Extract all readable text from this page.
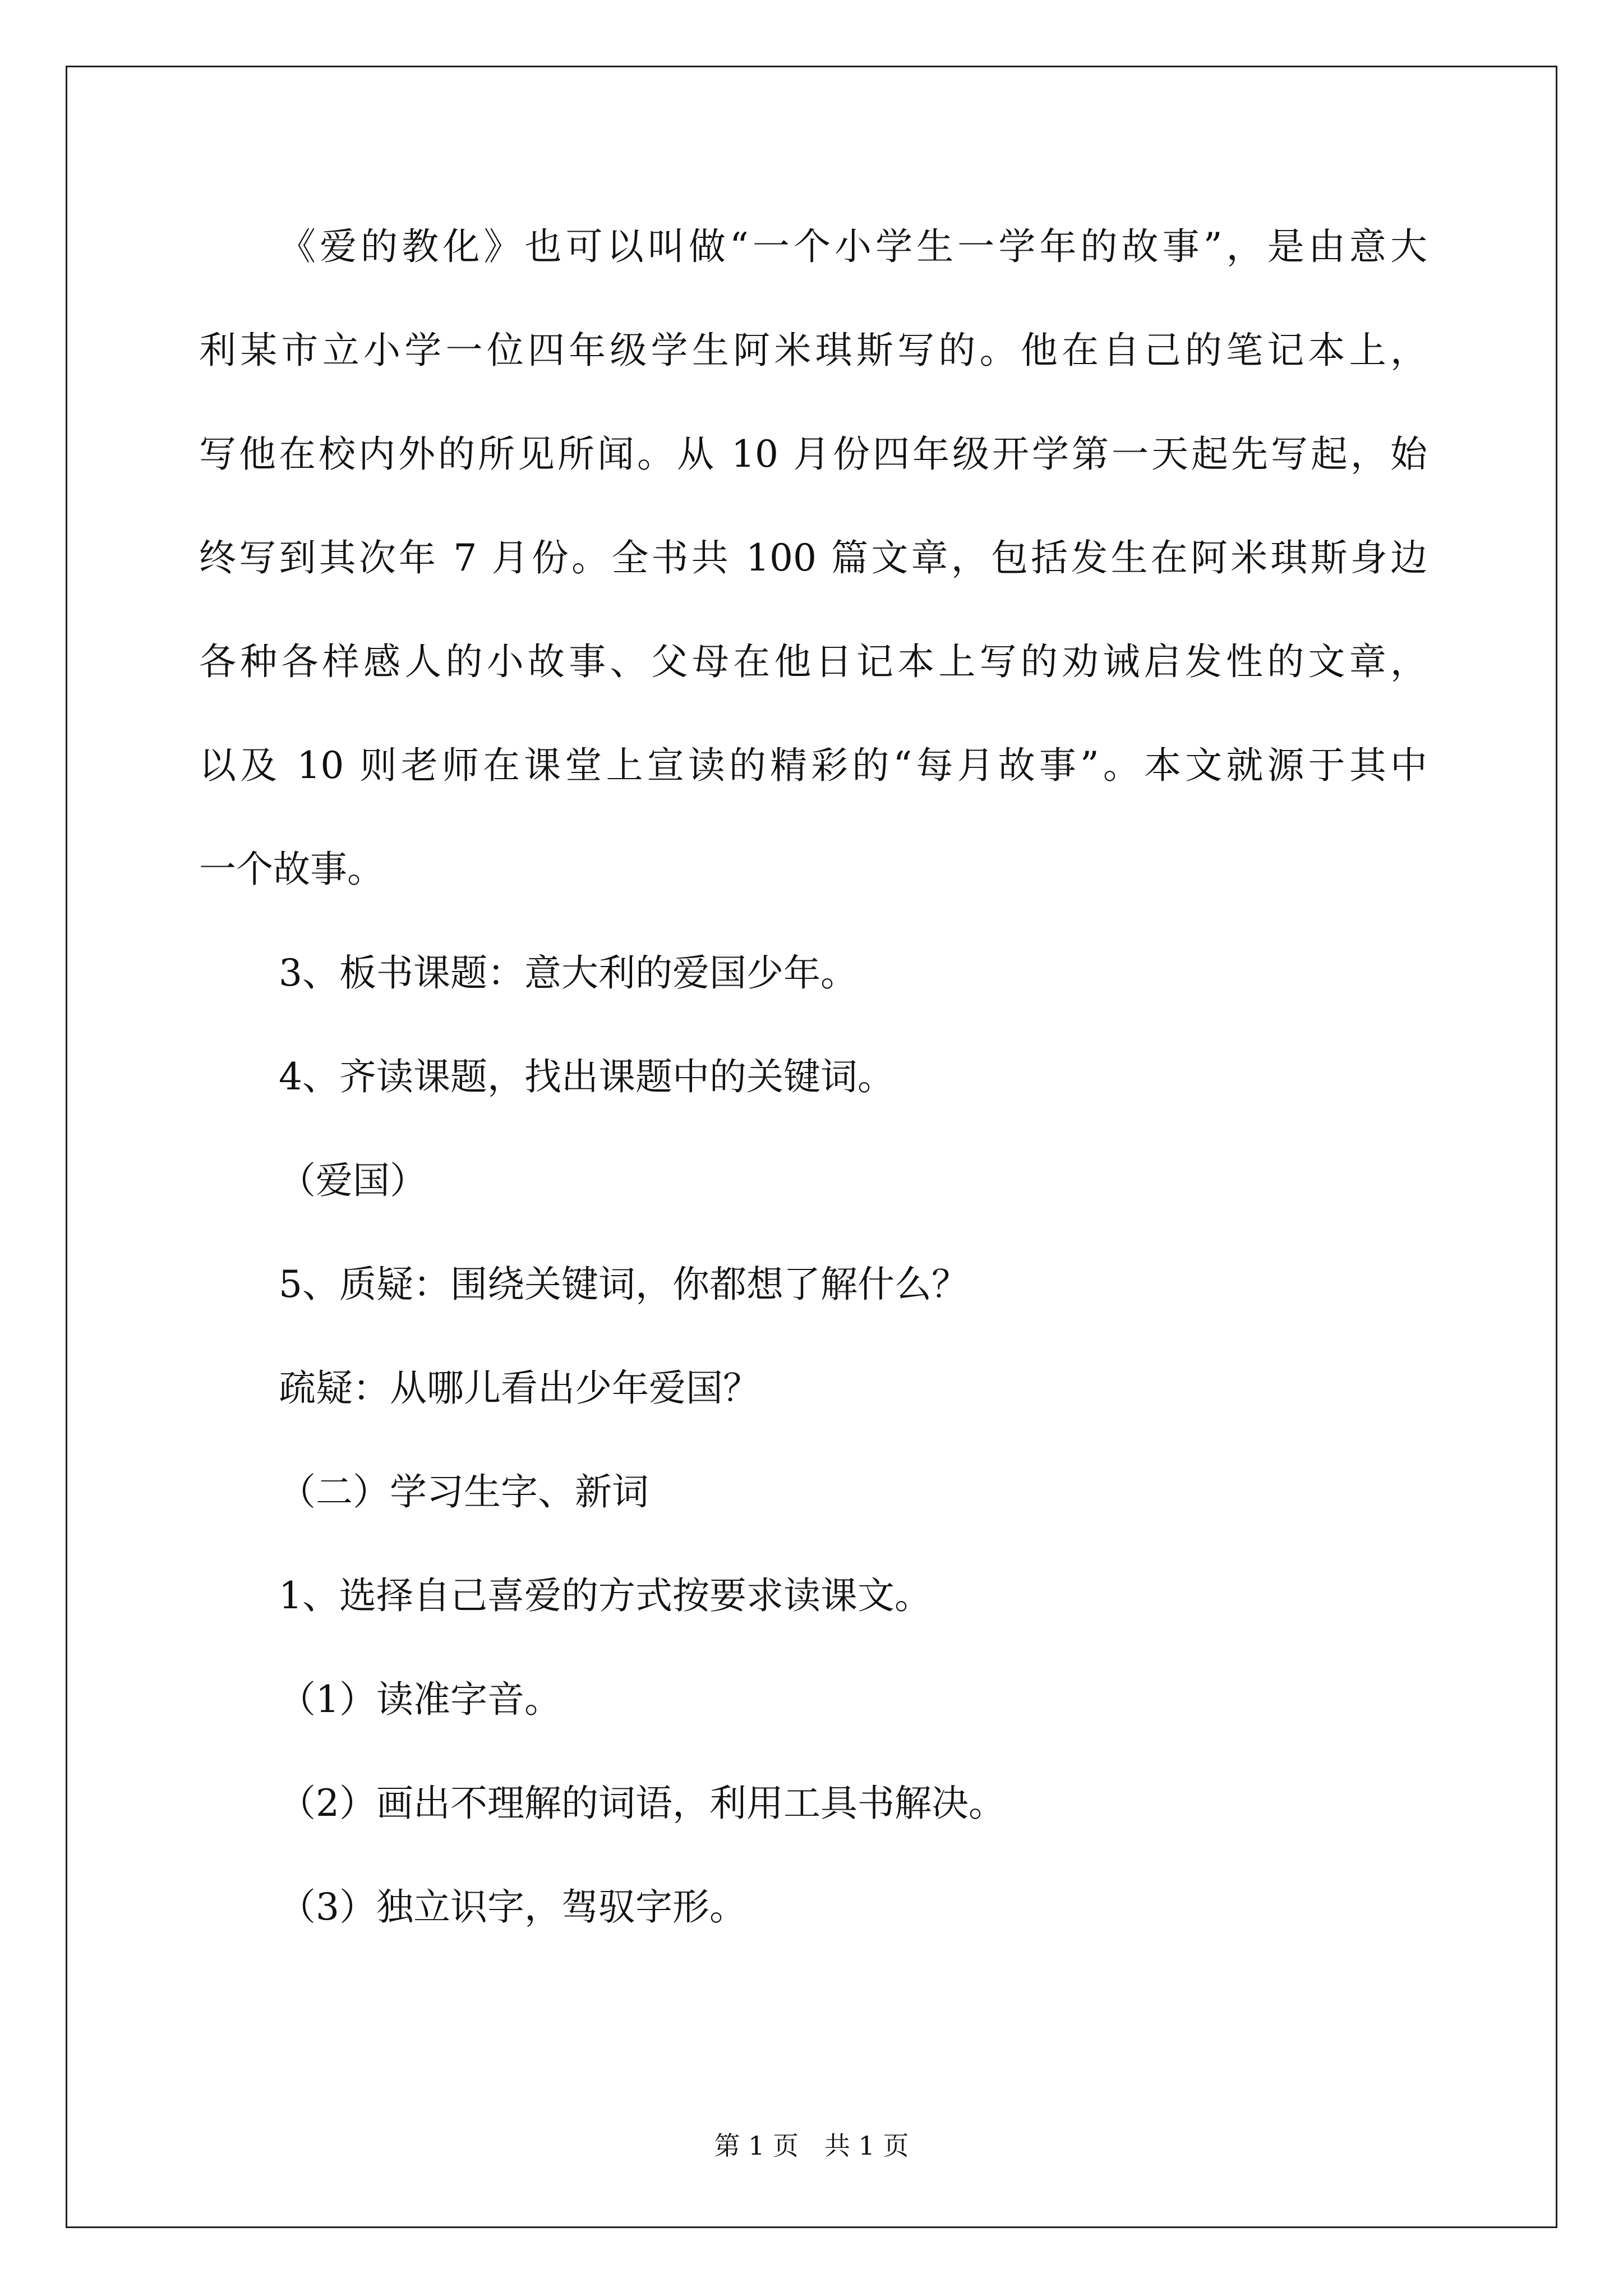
《爱的教化》也可以叫做“一个小学生一学年的故事”，是由意大
利某市立小学一位四年级学生阿米琪斯写的。他在自己的笔记本上，
写他在校内外的所见所闻。从 10 月份四年级开学第一天起先写起，始
终写到其次年 7 月份。全书共 100 篇文章，包括发生在阿米琪斯身边
各种各样感人的小故事、父母在他日记本上写的劝诫启发性的文章，
以及 10 则老师在课堂上宣读的精彩的“每月故事”。本文就源于其中
一个故事。
3、板书课题：意大利的爱国少年。
4、齐读课题，找出课题中的关键词。
（爱国）
5、质疑：围绕关键词，你都想了解什么？
疏疑：从哪儿看出少年爱国？
（二）学习生字、新词
1、选择自己喜爱的方式按要求读课文。
（1）读准字音。
（2）画出不理解的词语，利用工具书解决。
（3）独立识字，驾驭字形。
第 1 页　共 1 页
